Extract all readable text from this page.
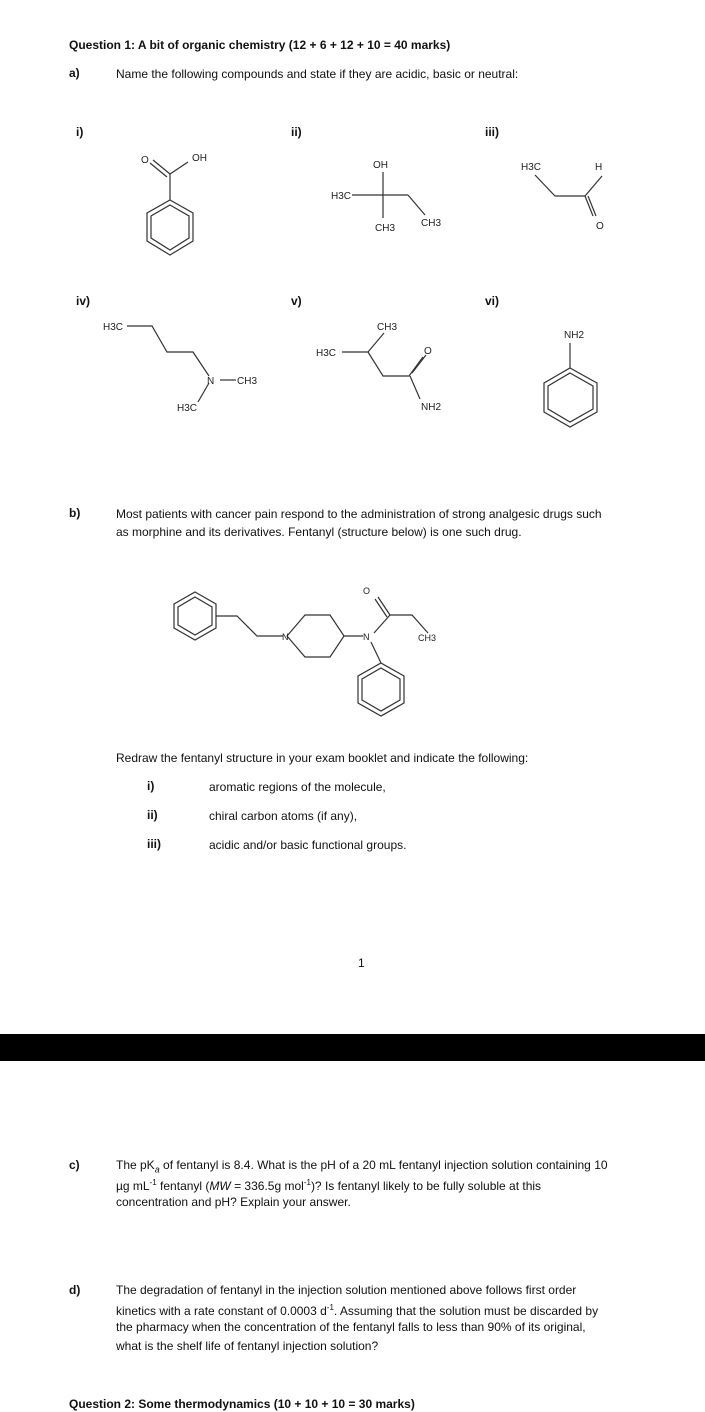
Question 1: A bit of organic chemistry (12 + 6 + 12 + 10 = 40 marks)
a)	Name the following compounds and state if they are acidic, basic or neutral:
i)	ii)	iii)
iv)	v)	vi)
O	OH
OH
H3C
CH3	CH3
H3C	H
O
H3C
N CH3
H3C
CH3
H3C	O
NH2
NH2
b)	Most patients with cancer pain respond to the administration of strong analgesic drugs such
as morphine and its derivatives. Fentanyl (structure below) is one such drug.
O
N	N	CH3
Redraw the fentanyl structure in your exam booklet and indicate the following:
i)	aromatic regions of the molecule,
ii)	chiral carbon atoms (if any),
iii)	acidic and/or basic functional groups.
1
c)	The $pK_a$ of fentanyl is 8.4. What is the pH of a 20 mL fentanyl injection solution containing 10
µg $mL^{-1}$ fentanyl (MW = 336.5g mol$^{-1}$)? Is fentanyl likely to be fully soluble at this
concentration and pH? Explain your answer.
d)	The degradation of fentanyl in the injection solution mentioned above follows first order
kinetics with a rate constant of 0.0003 $d^{-1}$. Assuming that the solution must be discarded by
the pharmacy when the concentration of the fentanyl falls to less than 90% of its original,
what is the shelf life of fentanyl injection solution?
Question 2: Some thermodynamics (10 + 10 + 10 = 30 marks)
